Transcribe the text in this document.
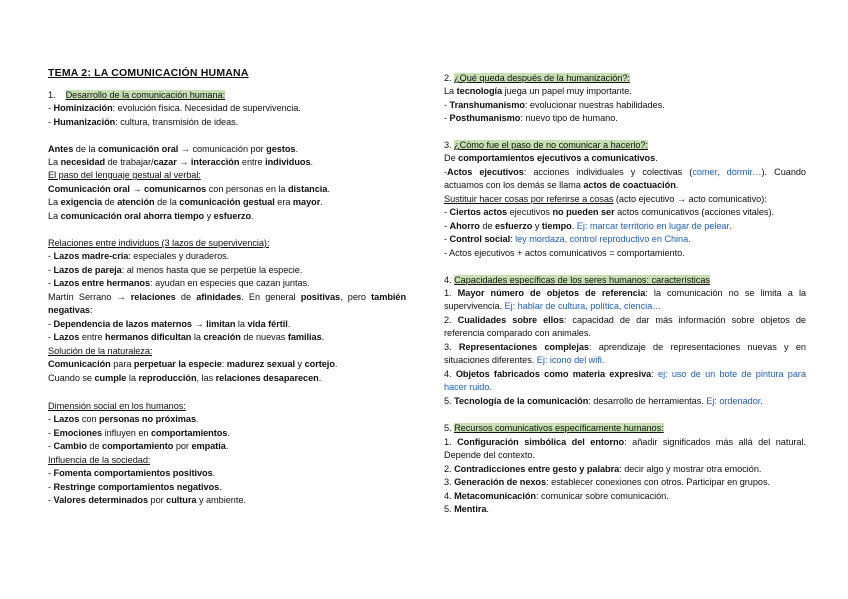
TEMA 2: LA COMUNICACIÓN HUMANA
1. Desarrollo de la comunicación humana:
- Hominización: evolución física. Necesidad de supervivencia.
- Humanización: cultura, transmisión de ideas.
Antes de la comunicación oral → comunicación por gestos.
La necesidad de trabajar/cazar → interacción entre individuos.
El paso del lenguaje gestual al verbal:
Comunicación oral → comunicarnos con personas en la distancia.
La exigencia de atención de la comunicación gestual era mayor.
La comunicación oral ahorra tiempo y esfuerzo.
Relaciones entre individuos (3 lazos de supervivencia):
- Lazos madre-cría: especiales y duraderos.
- Lazos de pareja: al menos hasta que se perpetúe la especie.
- Lazos entre hermanos: ayudan en especies que cazan juntas.
Martín Serrano → relaciones de afinidades. En general positivas, pero también
negativas:
- Dependencia de lazos maternos → limitan la vida fértil.
- Lazos entre hermanos dificultan la creación de nuevas familias.
Solución de la naturaleza:
Comunicación para perpetuar la especie: madurez sexual y cortejo.
Cuando se cumple la reproducción, las relaciones desaparecen.
Dimensión social en los humanos:
- Lazos con personas no próximas.
- Emociones influyen en comportamientos.
- Cambio de comportamiento por empatía.
Influencia de la sociedad:
- Fomenta comportamientos positivos.
- Restringe comportamientos negativos.
- Valores determinados por cultura y ambiente.
2. ¿Qué queda después de la humanización?:
La tecnología juega un papel muy importante.
- Transhumanismo: evolucionar nuestras habilidades.
- Posthumanismo: nuevo tipo de humano.
3. ¿Cómo fue el paso de no comunicar a hacerlo?:
De comportamientos ejecutivos a comunicativos.
-Actos ejecutivos: acciones individuales y colectivas (comer, dormir…). Cuando actuamos con los demás se llama actos de coactuación.
Sustituir hacer cosas por referirse a cosas (acto ejecutivo → acto comunicativo):
- Ciertos actos ejecutivos no pueden ser actos comunicativos (acciones vitales).
- Ahorro de esfuerzo y tiempo. Ej: marcar territorio en lugar de pelear.
- Control social: ley mordaza, control reproductivo en China.
- Actos ejecutivos + actos comunicativos = comportamiento.
4. Capacidades específicas de los seres humanos: características
1. Mayor número de objetos de referencia: la comunicación no se limita a la supervivencia. Ej: hablar de cultura, política, ciencia…
2. Cualidades sobre ellos: capacidad de dar más información sobre objetos de referencia comparado con animales.
3. Representaciones complejas: aprendizaje de representaciones nuevas y en situaciones diferentes. Ej: icono del wifi.
4. Objetos fabricados como materia expresiva: ej: uso de un bote de pintura para hacer ruido.
5. Tecnología de la comunicación: desarrollo de herramientas. Ej: ordenador.
5. Recursos comunicativos específicamente humanos:
1. Configuración simbólica del entorno: añadir significados más allá del natural. Depende del contexto.
2. Contradicciones entre gesto y palabra: decir algo y mostrar otra emoción.
3. Generación de nexos: establecer conexiones con otros. Participar en grupos.
4. Metacomunicación: comunicar sobre comunicación.
5. Mentira.
